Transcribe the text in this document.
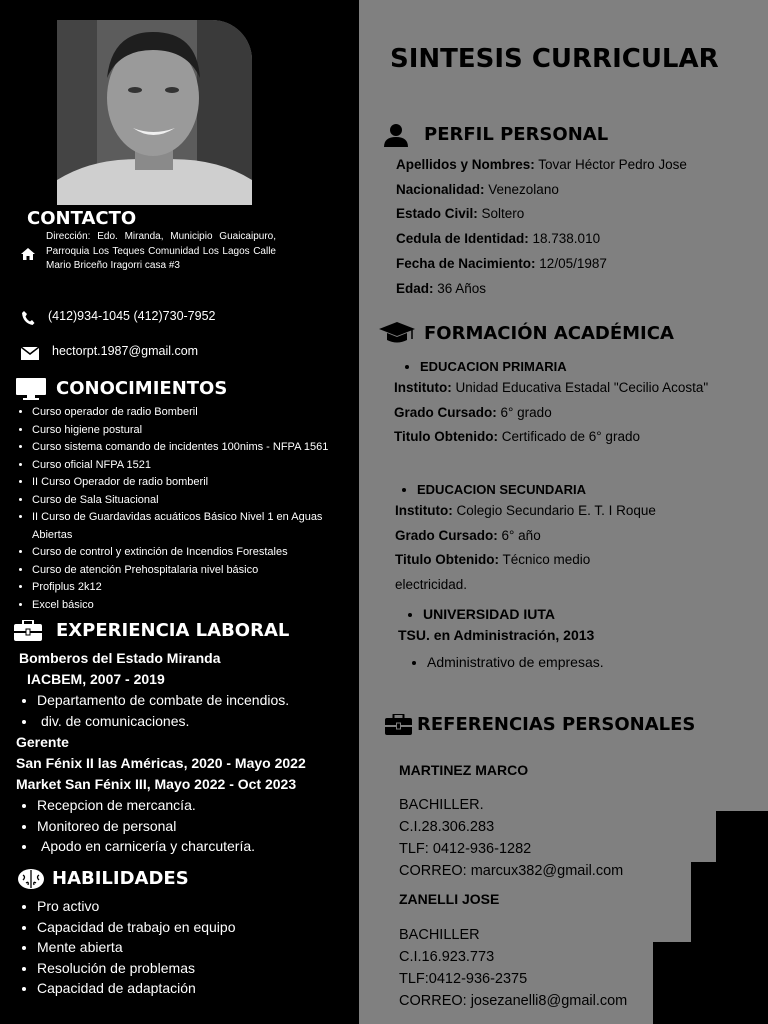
CONTACTO
Dirección: Edo. Miranda, Municipio Guaicaipuro, Parroquia Los Teques Comunidad Los Lagos Calle Mario Briceño Iragorri casa #3
(412)934-1045 (412)730-7952
hectorpt.1987@gmail.com
CONOCIMIENTOS
• Curso operador de radio Bomberil
• Curso higiene postural
• Curso sistema comando de incidentes 100nims - NFPA 1561
• Curso oficial NFPA 1521
• II Curso Operador de radio bomberil
• Curso de Sala Situacional
• II Curso de Guardavidas acuáticos Básico Nivel 1 en Aguas Abiertas
• Curso de control y extinción de Incendios Forestales
• Curso de atención Prehospitalaria nivel básico
• Profiplus 2k12
• Excel básico
EXPERIENCIA LABORAL
Bomberos del Estado Miranda
IACBEM, 2007 - 2019
• Departamento de combate de incendios.
• div. de comunicaciones.
Gerente
San Fénix II las Américas, 2020 - Mayo 2022
Market San Fénix III, Mayo 2022 - Oct 2023
• Recepcion de mercancía.
• Monitoreo de personal
• Apodo en carnicería y charcutería.
HABILIDADES
• Pro activo
• Capacidad de trabajo en equipo
• Mente abierta
• Resolución de problemas
• Capacidad de adaptación
SINTESIS CURRICULAR
PERFIL PERSONAL
Apellidos y Nombres: Tovar Héctor Pedro Jose
Nacionalidad: Venezolano
Estado Civil: Soltero
Cedula de Identidad: 18.738.010
Fecha de Nacimiento: 12/05/1987
Edad: 36 Años
FORMACIÓN ACADÉMICA
• EDUCACION PRIMARIA
Instituto: Unidad Educativa Estadal "Cecilio Acosta"
Grado Cursado: 6° grado
Titulo Obtenido: Certificado de 6° grado
• EDUCACION SECUNDARIA
Instituto: Colegio Secundario E. T. I Roque
Grado Cursado: 6° año
Titulo Obtenido: Técnico medio electricidad.
• UNIVERSIDAD IUTA
TSU. en Administración, 2013
• Administrativo de empresas.
REFERENCIAS PERSONALES
MARTINEZ MARCO
BACHILLER.
C.I.28.306.283
TLF: 0412-936-1282
CORREO: marcux382@gmail.com
ZANELLI JOSE
BACHILLER
C.I.16.923.773
TLF:0412-936-2375
CORREO: josezanelli8@gmail.com
